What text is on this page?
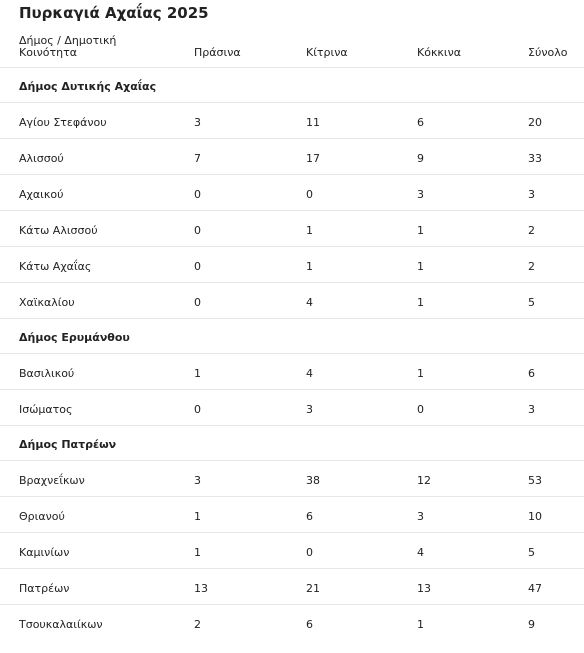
Πυρκαγιά Αχαΐας 2025
Δήμος / Δημοτική Κοινότητα	Πράσινα	Κίτρινα	Κόκκινα	Σύνολο
Δήμος Δυτικής Αχαΐας
Αγίου Στεφάνου	3	11	6	20
Αλισσού	7	17	9	33
Αχαικού	0	0	3	3
Κάτω Αλισσού	0	1	1	2
Κάτω Αχαΐας	0	1	1	2
Χαϊκαλίου	0	4	1	5
Δήμος Ερυμάνθου
Βασιλικού	1	4	1	6
Ισώματος	0	3	0	3
Δήμος Πατρέων
Βραχνεΐκων	3	38	12	53
Θριανού	1	6	3	10
Καμινίων	1	0	4	5
Πατρέων	13	21	13	47
Τσουκαλαιίκων	2	6	1	9
